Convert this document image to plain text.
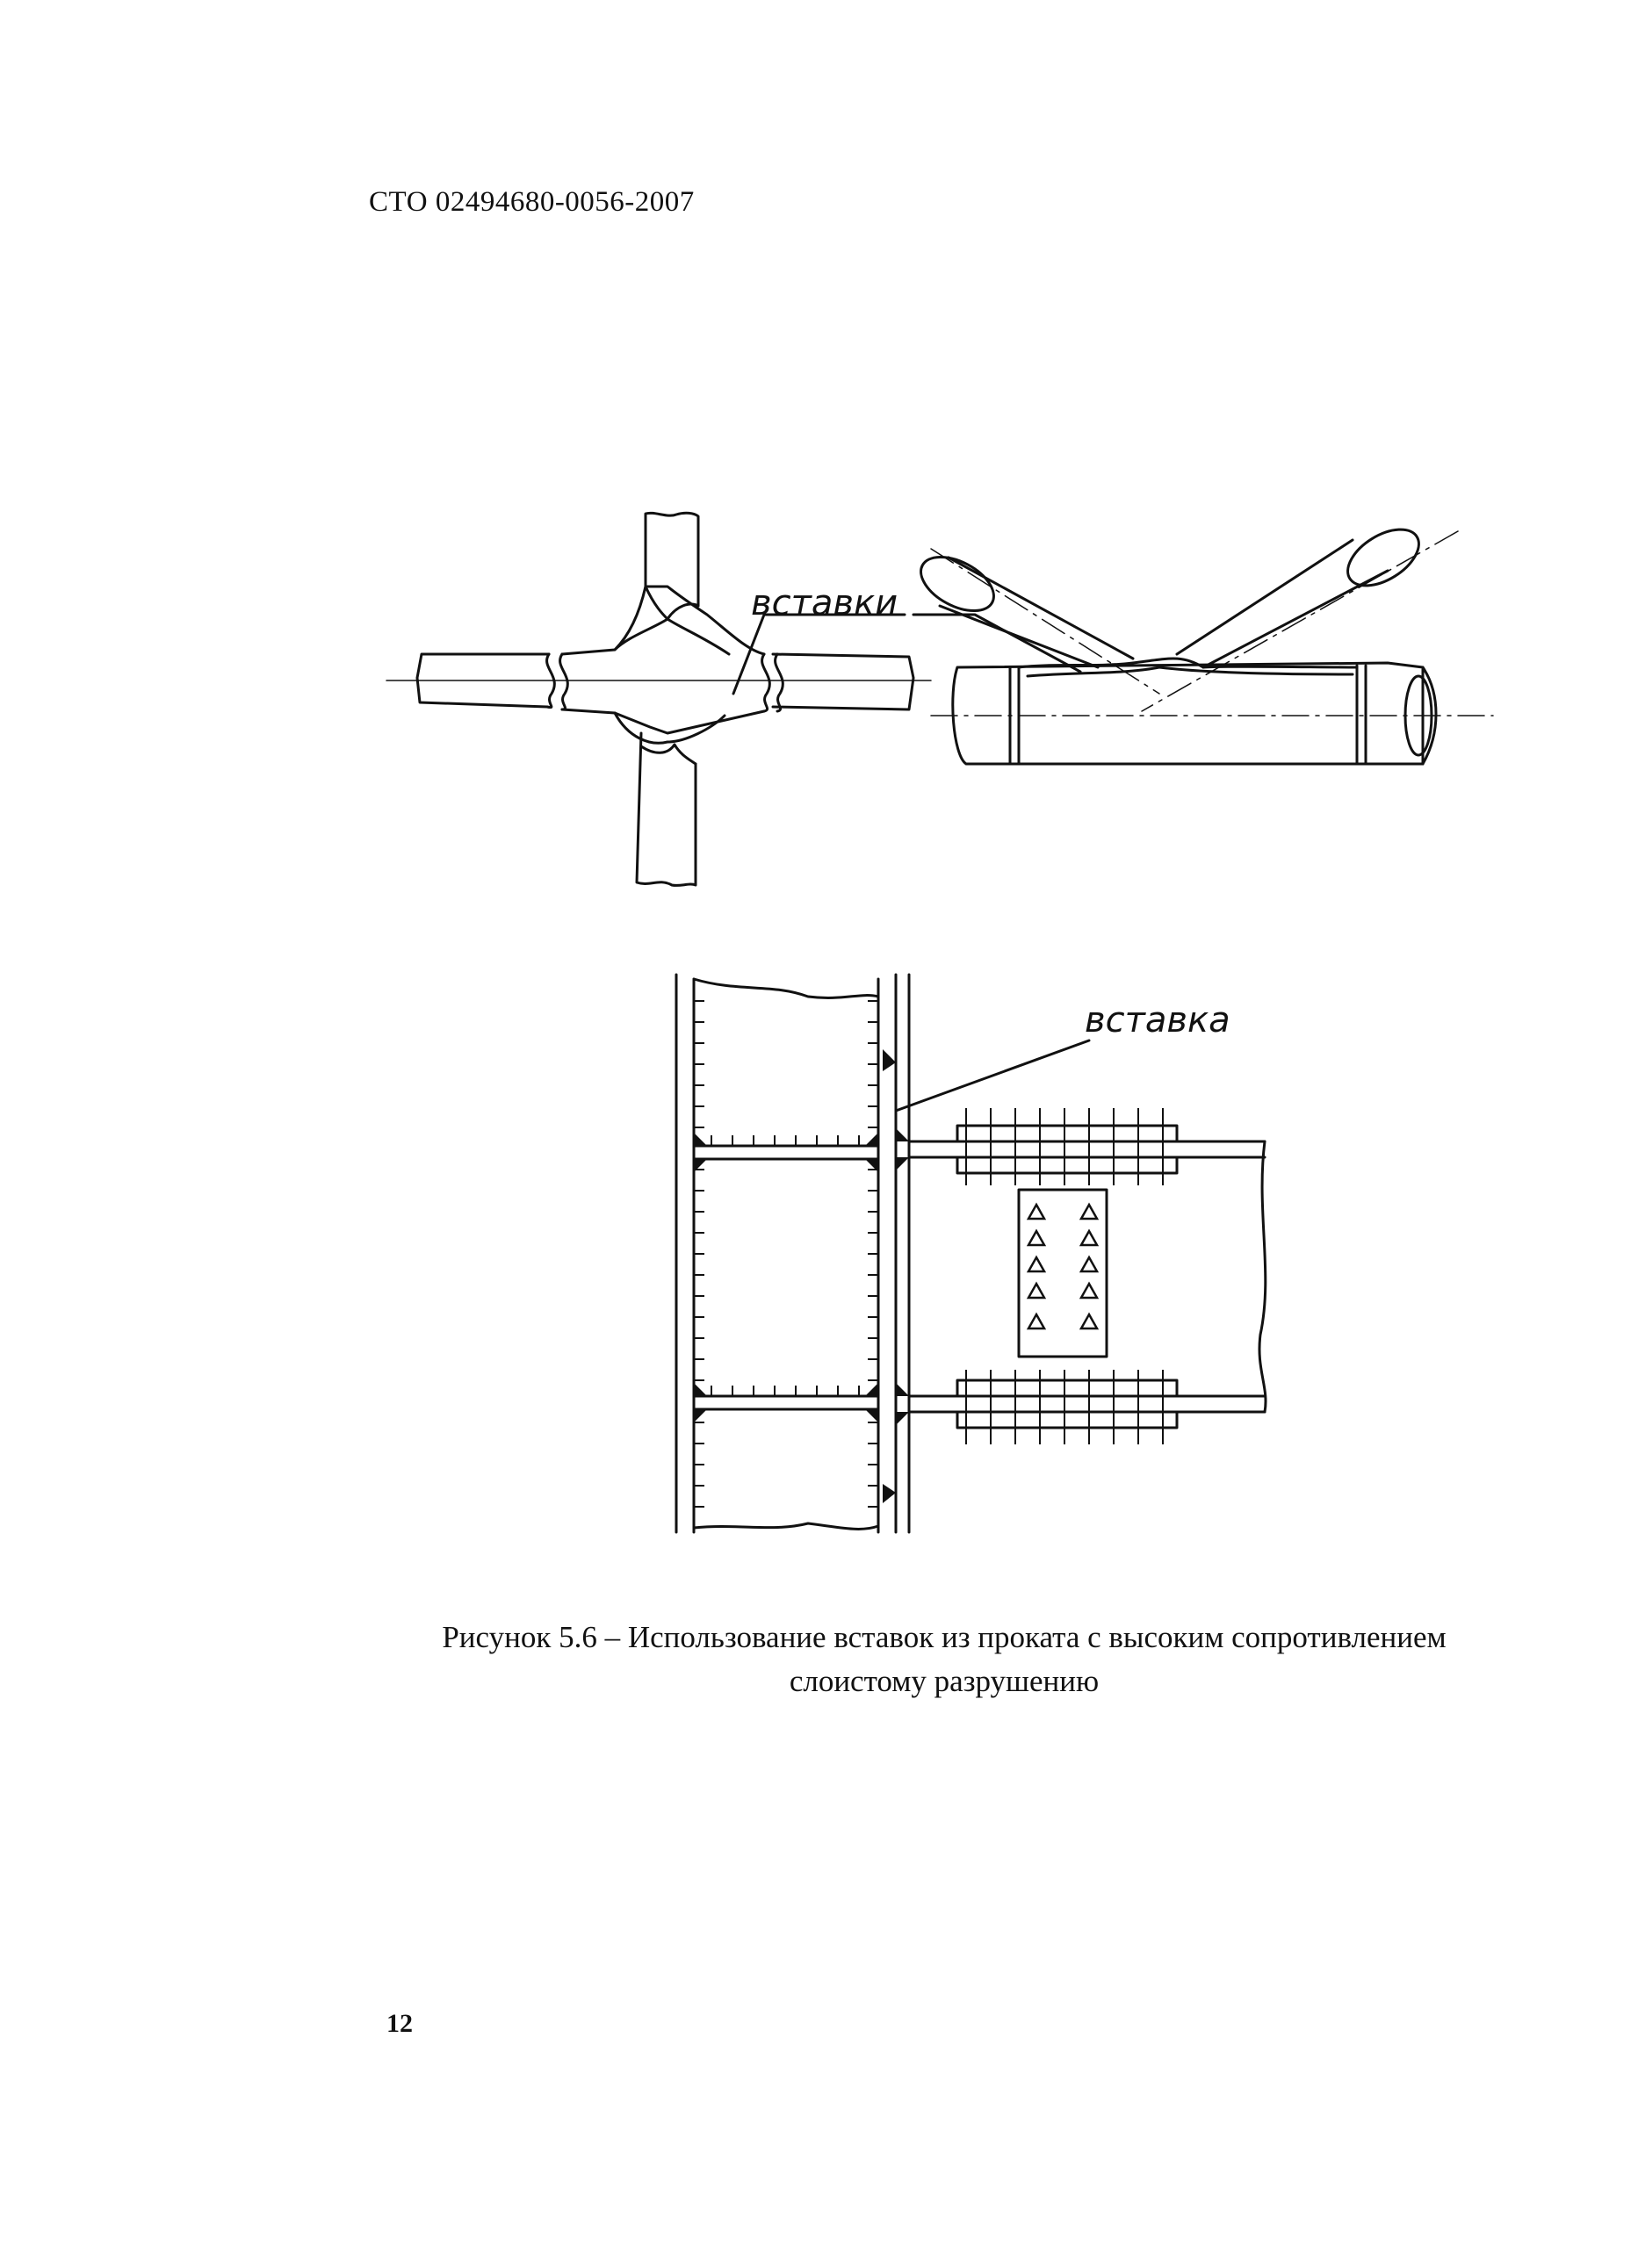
СТО 02494680-0056-2007
вставки
вставка
Рисунок 5.6 – Использование вставок из проката с высоким сопротивлением
слоистому разрушению
12
